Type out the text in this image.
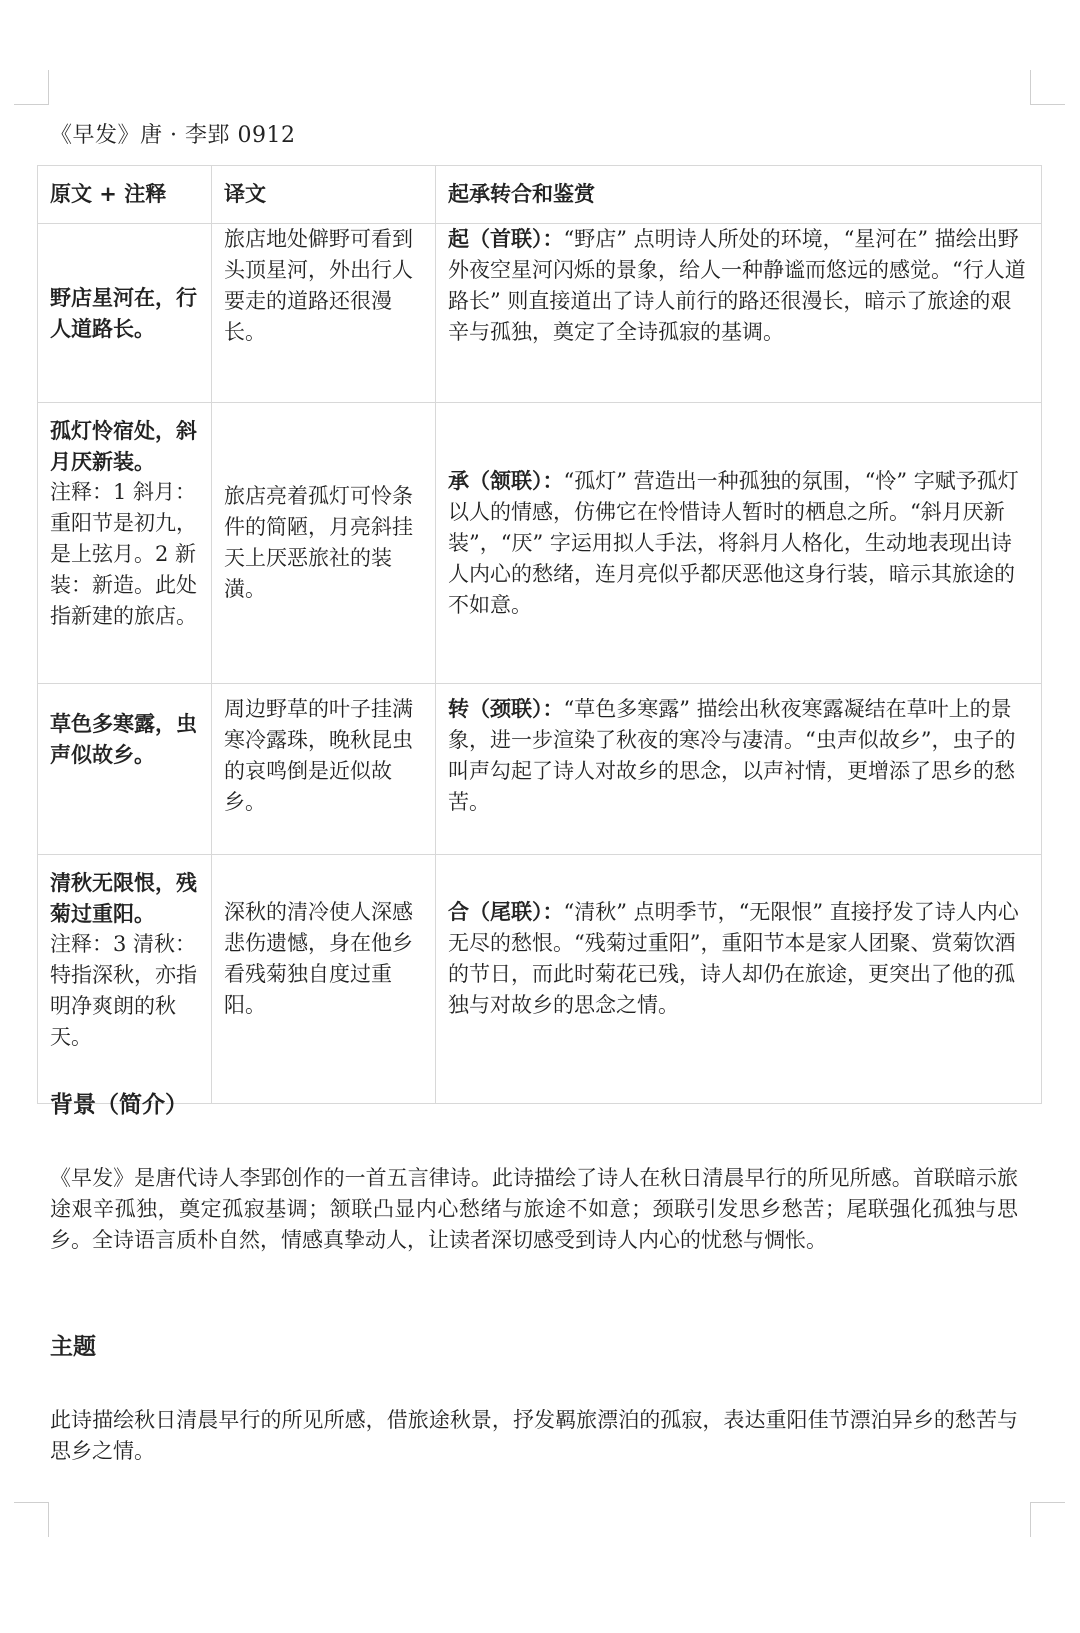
《早发》唐 · 李郢 0912
原文 + 注释	译文	起承转合和鉴赏

野店星河在，行人道路长。	旅店地处僻野可看到头顶星河，外出行人要走的道路还很漫长。	起（首联）：“野店” 点明诗人所处的环境，“星河在” 描绘出野外夜空星河闪烁的景象，给人一种静谧而悠远的感觉。“行人道路长” 则直接道出了诗人前行的路还很漫长，暗示了旅途的艰辛与孤独，奠定了全诗孤寂的基调。

孤灯怜宿处，斜月厌新装。
注释：1 斜月：重阳节是初九，是上弦月。2 新装：新造。此处指新建的旅店。	旅店亮着孤灯可怜条件的简陋，月亮斜挂天上厌恶旅社的装潢。	承（颔联）：“孤灯” 营造出一种孤独的氛围，“怜” 字赋予孤灯以人的情感，仿佛它在怜惜诗人暂时的栖息之所。“斜月厌新装”，“厌” 字运用拟人手法，将斜月人格化，生动地表现出诗人内心的愁绪，连月亮似乎都厌恶他这身行装，暗示其旅途的不如意。

草色多寒露，虫声似故乡。	周边野草的叶子挂满寒冷露珠，晚秋昆虫的哀鸣倒是近似故乡。	转（颈联）：“草色多寒露” 描绘出秋夜寒露凝结在草叶上的景象，进一步渲染了秋夜的寒冷与凄清。“虫声似故乡”，虫子的叫声勾起了诗人对故乡的思念，以声衬情，更增添了思乡的愁苦。

清秋无限恨，残菊过重阳。
注释：3 清秋：特指深秋，亦指明净爽朗的秋天。	深秋的清冷使人深感悲伤遗憾，身在他乡看残菊独自度过重阳。	合（尾联）：“清秋” 点明季节，“无限恨” 直接抒发了诗人内心无尽的愁恨。“残菊过重阳”，重阳节本是家人团聚、赏菊饮酒的节日，而此时菊花已残，诗人却仍在旅途，更突出了他的孤独与对故乡的思念之情。
背景（简介）
《早发》是唐代诗人李郢创作的一首五言律诗。此诗描绘了诗人在秋日清晨早行的所见所感。首联暗示旅途艰辛孤独，奠定孤寂基调；颔联凸显内心愁绪与旅途不如意；颈联引发思乡愁苦；尾联强化孤独与思乡。全诗语言质朴自然，情感真挚动人，让读者深切感受到诗人内心的忧愁与惆怅。
主题
此诗描绘秋日清晨早行的所见所感，借旅途秋景，抒发羁旅漂泊的孤寂，表达重阳佳节漂泊异乡的愁苦与思乡之情。
